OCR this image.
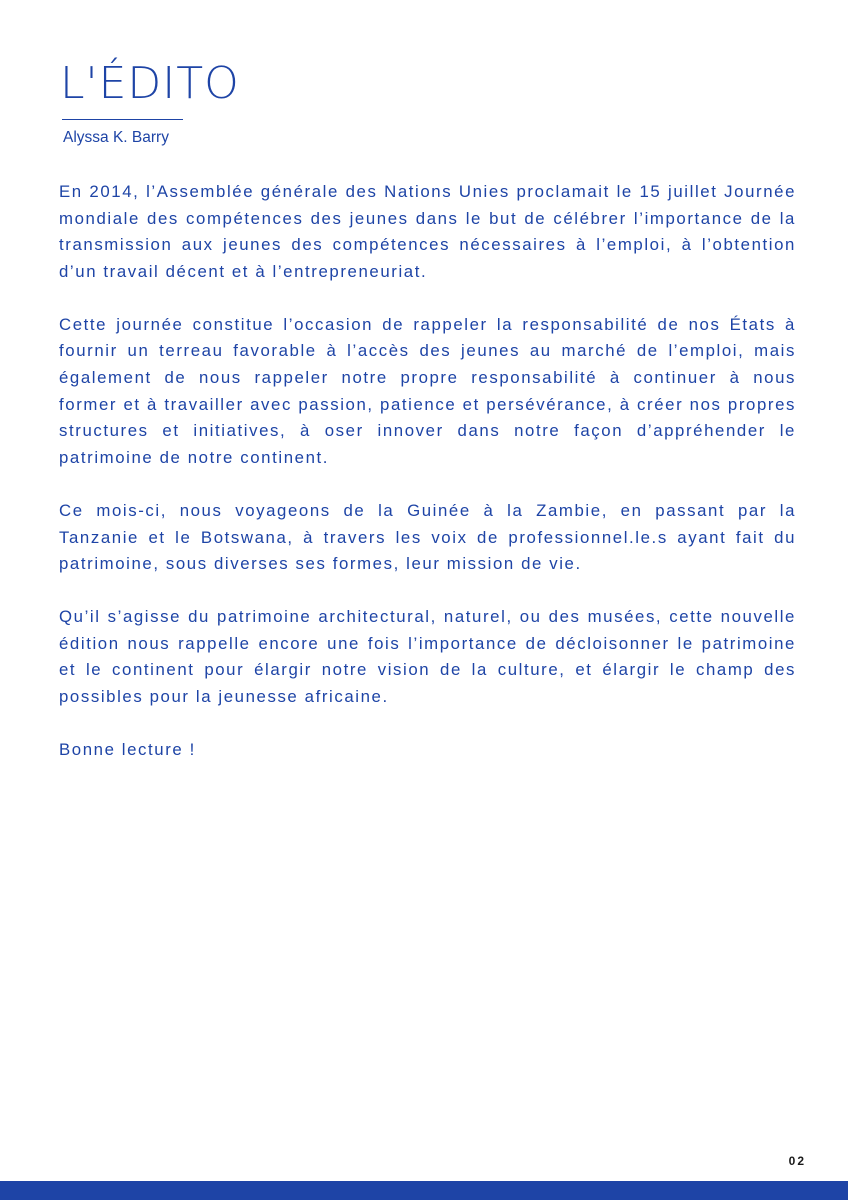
L'ÉDITO
Alyssa K. Barry

En 2014, l’Assemblée générale des Nations Unies proclamait le 15 juillet Journée mondiale des compétences des jeunes dans le but de célébrer l’importance de la transmission aux jeunes des compétences nécessaires à l’emploi, à l’obtention d’un travail décent et à l’entrepreneuriat.

Cette journée constitue l’occasion de rappeler la responsabilité de nos États à fournir un terreau favorable à l’accès des jeunes au marché de l’emploi, mais également de nous rappeler notre propre responsabilité à continuer à nous former et à travailler avec passion, patience et persévérance, à créer nos propres structures et initiatives, à oser innover dans notre façon d’appréhender le patrimoine de notre continent.

Ce mois-ci, nous voyageons de la Guinée à la Zambie, en passant par la Tanzanie et le Botswana, à travers les voix de professionnel.le.s ayant fait du patrimoine, sous diverses ses formes, leur mission de vie.

Qu’il s’agisse du patrimoine architectural, naturel, ou des musées, cette nouvelle édition nous rappelle encore une fois l’importance de décloisonner le patrimoine et le continent pour élargir notre vision de la culture, et élargir le champ des possibles pour la jeunesse africaine.

Bonne lecture !

02
